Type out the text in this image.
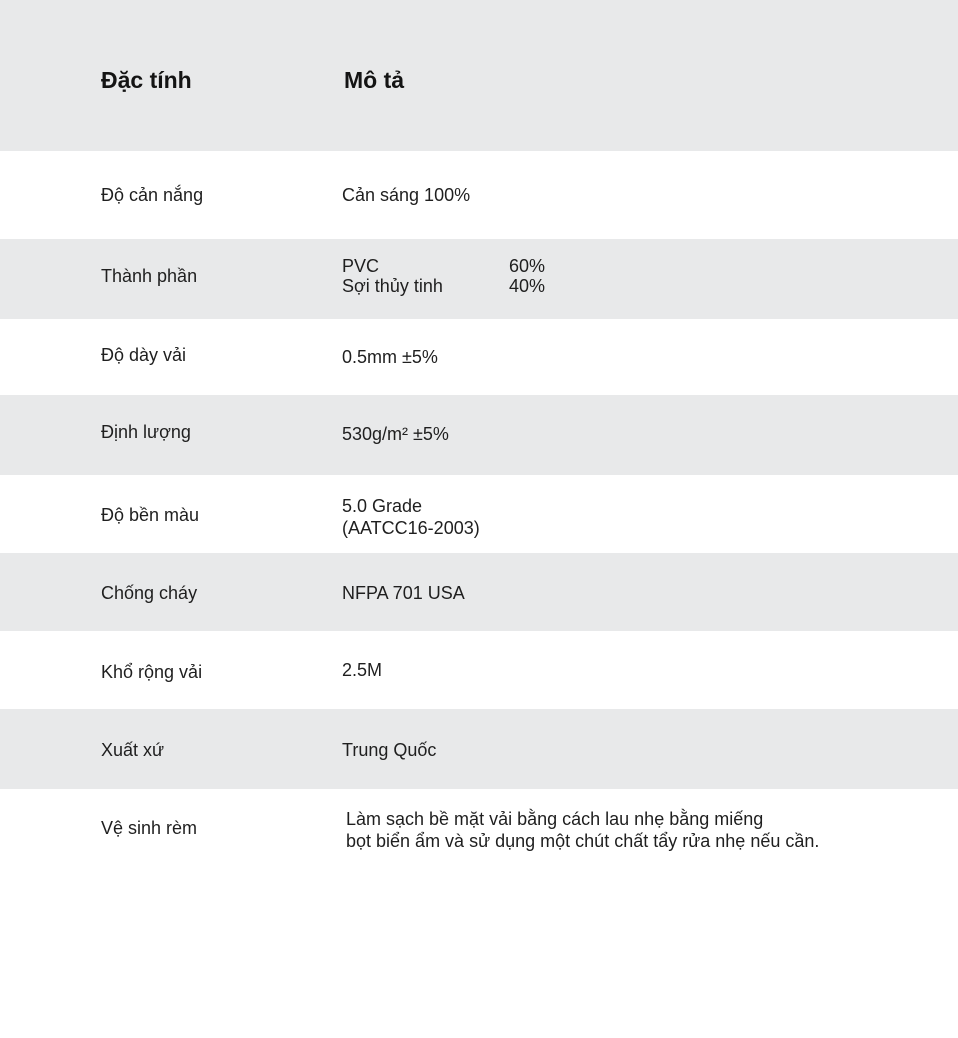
Đặc tính	Mô tả
Độ cản nắng	Cản sáng 100%
Thành phần	PVC	60%
Sợi thủy tinh	40%
Độ dày vải	0.5mm ±5%
Định lượng	530g/m² ±5%
Độ bền màu	5.0 Grade
(AATCC16-2003)
Chống cháy	NFPA 701 USA
Khổ rộng vải	2.5M
Xuất xứ	Trung Quốc
Vệ sinh rèm	Làm sạch bề mặt vải bằng cách lau nhẹ bằng miếng
bọt biển ẩm và sử dụng một chút chất tẩy rửa nhẹ nếu cần.
